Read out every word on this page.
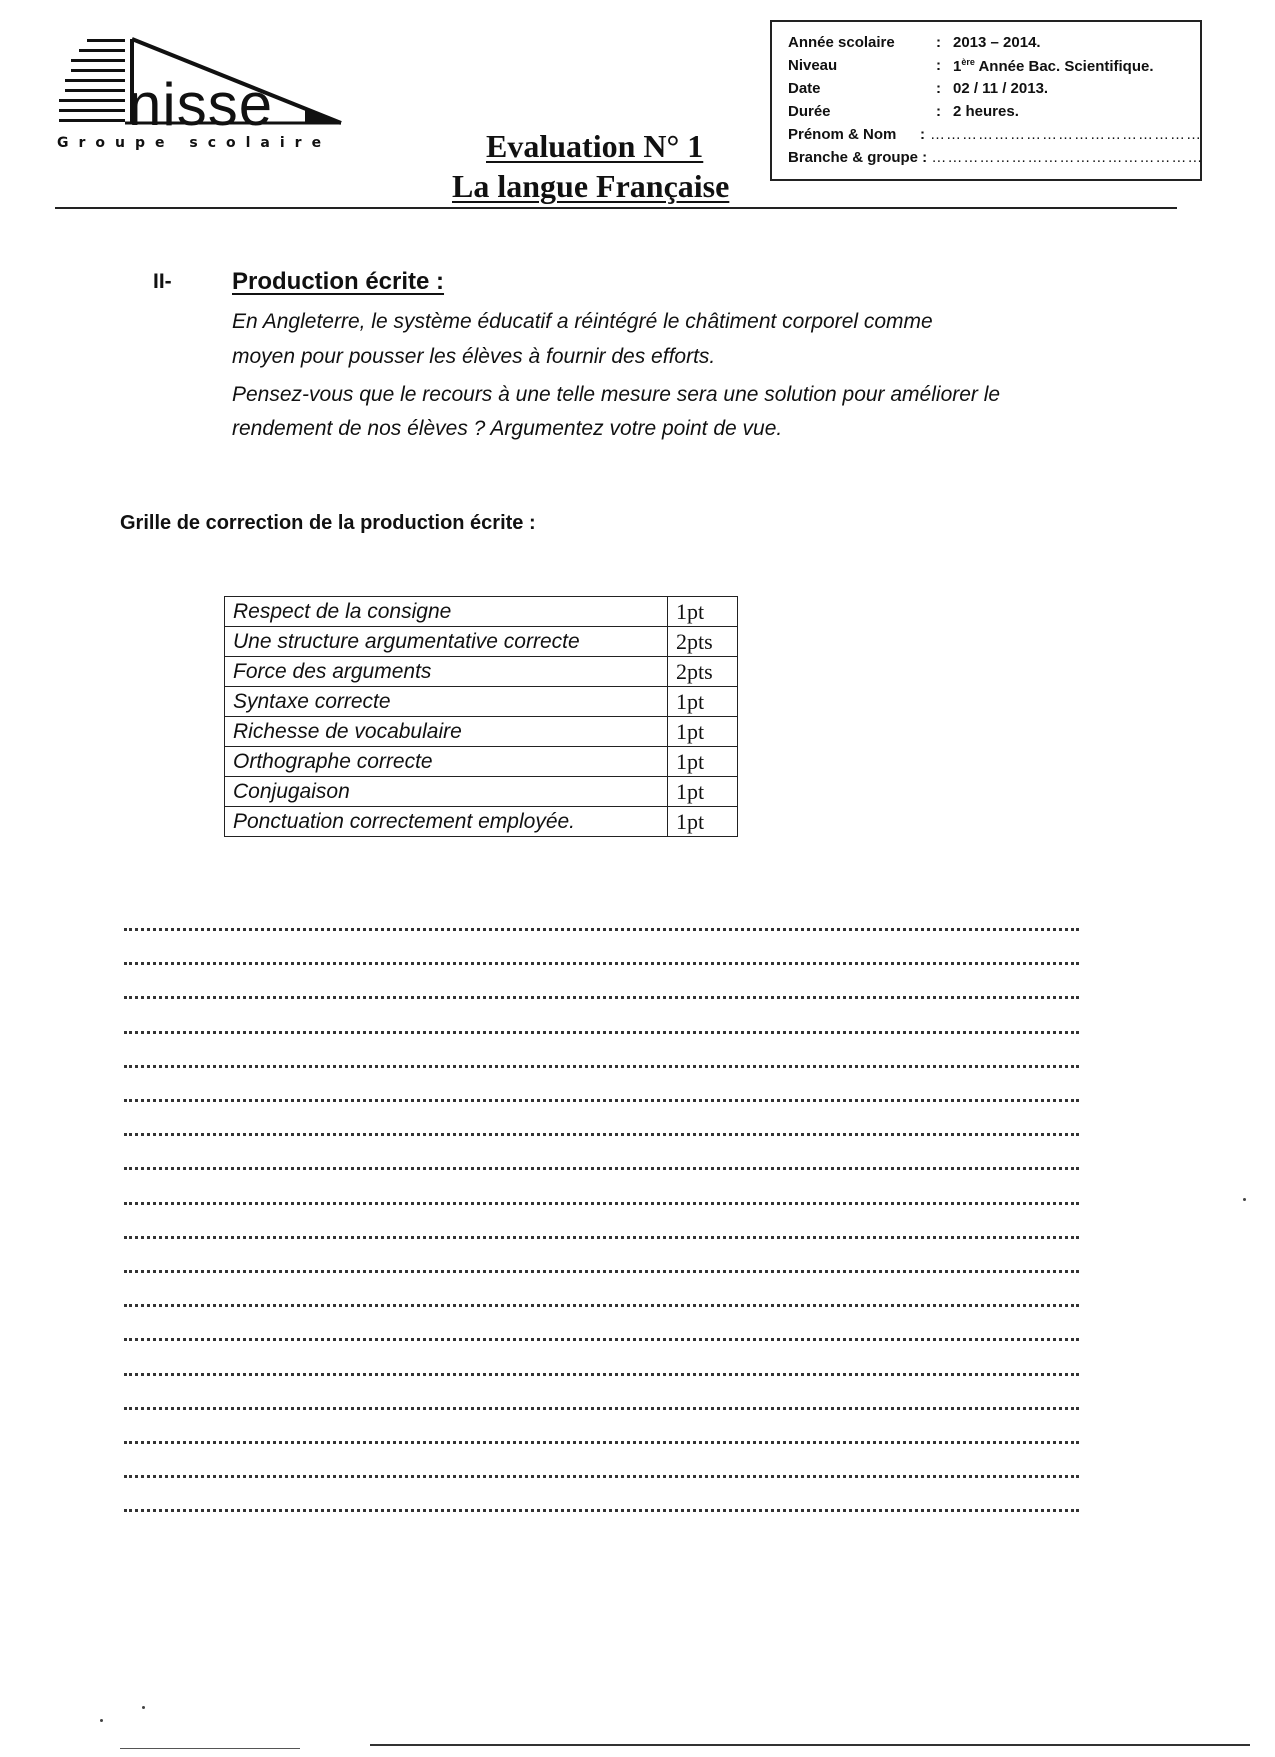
nisse
Groupe scolaire	Evaluation N° 1
La langue Française
Année scolaire	: 2013 – 2014.
Niveau	: 1ère Année Bac. Scientifique.
Date	: 02 / 11 / 2013.
Durée	: 2 heures.
Prénom & Nom : ……………………………………………
Branche & groupe : ……………………………………………
II-	Production écrite :
En Angleterre, le système éducatif a réintégré le châtiment corporel comme
moyen pour pousser les élèves à fournir des efforts.
Pensez-vous que le recours à une telle mesure sera une solution pour améliorer le
rendement de nos élèves ? Argumentez votre point de vue.
Grille de correction de la production écrite :
Respect de la consigne	1pt
Une structure argumentative correcte	2pts
Force des arguments	2pts
Syntaxe correcte	1pt
Richesse de vocabulaire	1pt
Orthographe correcte	1pt
Conjugaison	1pt
Ponctuation correctement employée.	1pt
